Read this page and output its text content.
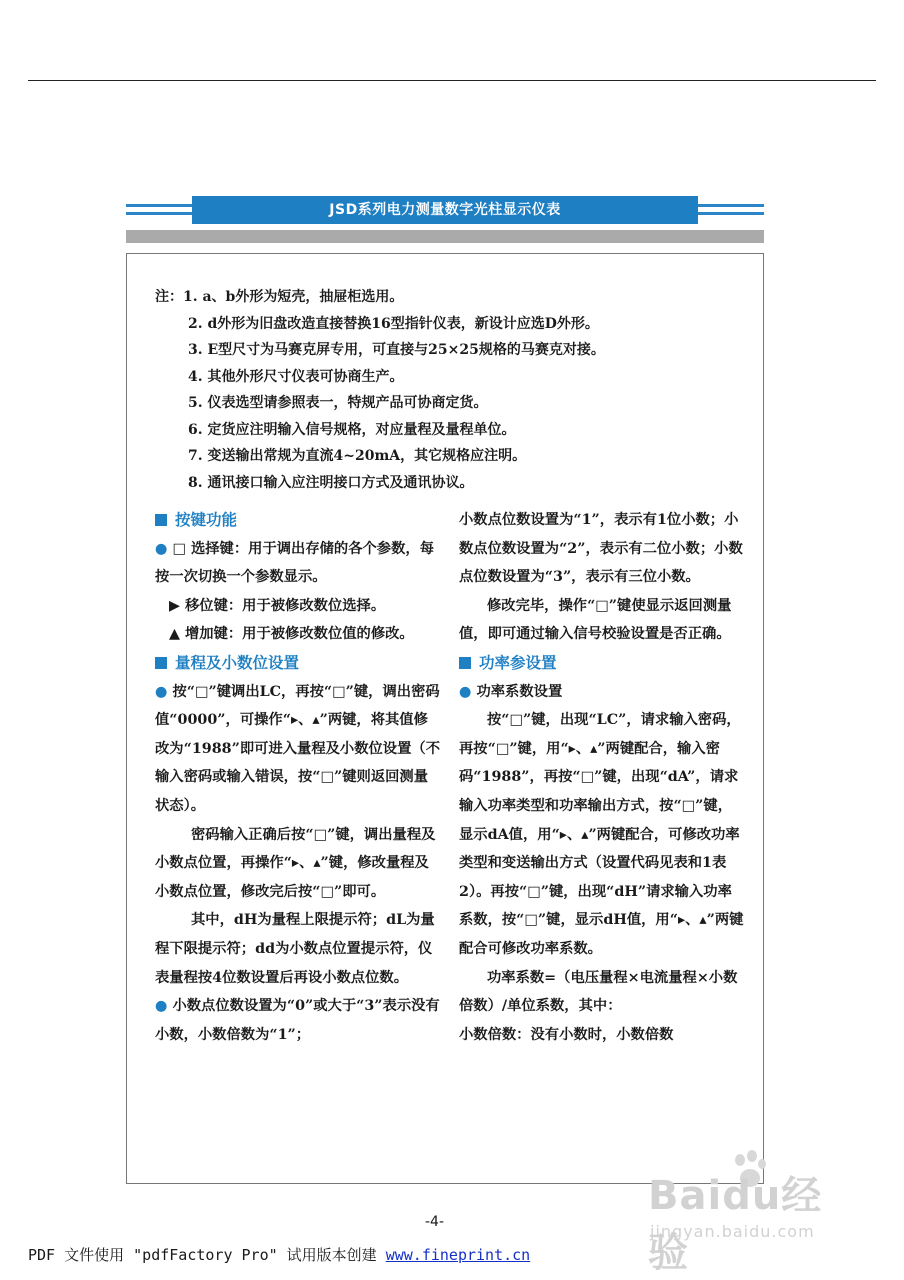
JSD系列电力测量数字光柱显示仪表
注：1. a、b外形为短壳，抽屉柜选用。
2. d外形为旧盘改造直接替换16型指针仪表，新设计应选D外形。
3. E型尺寸为马赛克屏专用，可直接与25×25规格的马赛克对接。
4. 其他外形尺寸仪表可协商生产。
5. 仪表选型请参照表一，特规产品可协商定货。
6. 定货应注明输入信号规格，对应量程及量程单位。
7. 变送输出常规为直流4~20mA，其它规格应注明。
8. 通讯接口输入应注明接口方式及通讯协议。

按键功能

● □ 选择键：用于调出存储的各个参数，每按一次切换一个参数显示。

▶ 移位键：用于被修改数位选择。

▲ 增加键：用于被修改数位值的修改。

量程及小数位设置

● 按“□”键调出LC，再按“□”键，调出密码值“0000”，可操作“▸、▴”两键，将其值修改为“1988”即可进入量程及小数位设置（不输入密码或输入错误，按“□”键则返回测量状态）。

密码输入正确后按“□”键，调出量程及小数点位置，再操作“▸、▴”键，修改量程及小数点位置，修改完后按“□”即可。

其中，dH为量程上限提示符；dL为量程下限提示符；dd为小数点位置提示符，仪表量程按4位数设置后再设小数点位数。

● 小数点位数设置为“0”或大于“3”表示没有小数，小数倍数为“1”；

小数点位数设置为“1”，表示有1位小数；小数点位数设置为“2”，表示有二位小数；小数点位数设置为“3”，表示有三位小数。

修改完毕，操作“□”键使显示返回测量值，即可通过输入信号校验设置是否正确。

功率参设置

● 功率系数设置

按“□”键，出现“LC”，请求输入密码，再按“□”键，用“▸、▴”两键配合，输入密码“1988”，再按“□”键，出现“dA”，请求输入功率类型和功率输出方式，按“□”键，显示dA值，用“▸、▴”两键配合，可修改功率类型和变送输出方式（设置代码见表和1表2）。再按“□”键，出现“dH”请求输入功率系数，按“□”键，显示dH值，用“▸、▴”两键配合可修改功率系数。

功率系数=（电压量程×电流量程×小数倍数）/单位系数，其中：

小数倍数：没有小数时，小数倍数

Baidu经验
jingyan.baidu.com
-4-
PDF 文件使用 "pdfFactory Pro" 试用版本创建 www.fineprint.cn
